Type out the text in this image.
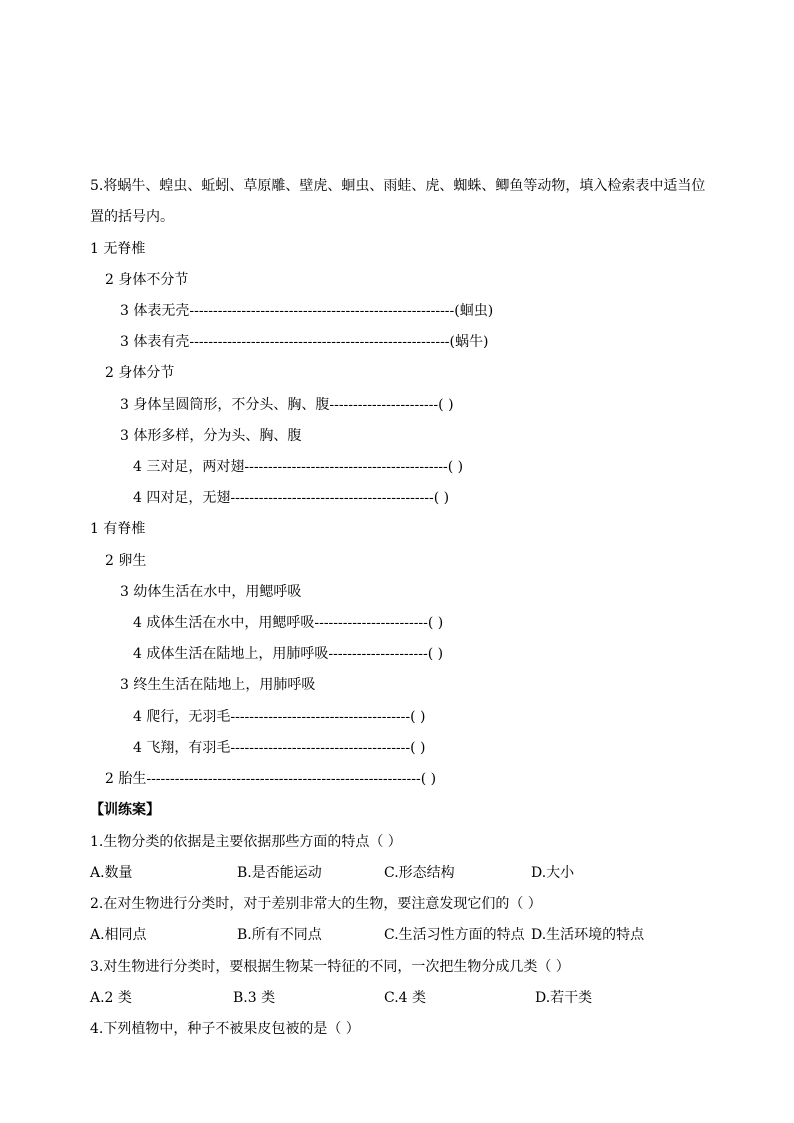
5.将蜗牛、蝗虫、蚯蚓、草原雕、壁虎、蛔虫、雨蛙、虎、蜘蛛、鲫鱼等动物，填入检索表中适当位
置的括号内。
1 无脊椎
2 身体不分节
3 体表无壳--------------------------------------------------------(蛔虫)
3 体表有壳-------------------------------------------------------(蜗牛)
2 身体分节
3 身体呈圆筒形，不分头、胸、腹-----------------------( )
3 体形多样，分为头、胸、腹
4 三对足，两对翅-------------------------------------------( )
4 四对足，无翅-------------------------------------------( )
1 有脊椎
2 卵生
3 幼体生活在水中，用鳃呼吸
4 成体生活在水中，用鳃呼吸------------------------( )
4 成体生活在陆地上，用肺呼吸---------------------( )
3 终生生活在陆地上，用肺呼吸
4 爬行，无羽毛--------------------------------------( )
4 飞翔，有羽毛--------------------------------------( )
2 胎生----------------------------------------------------------( )
【训练案】
1.生物分类的依据是主要依据那些方面的特点（ ）
A.数量	B.是否能运动	C.形态结构	D.大小
2.在对生物进行分类时，对于差别非常大的生物，要注意发现它们的（ ）
A.相同点	B.所有不同点	C.生活习性方面的特点 D.生活环境的特点
3.对生物进行分类时，要根据生物某一特征的不同，一次把生物分成几类（ ）
A.2 类	B.3 类	C.4 类	D.若干类
4.下列植物中，种子不被果皮包被的是（ ）
